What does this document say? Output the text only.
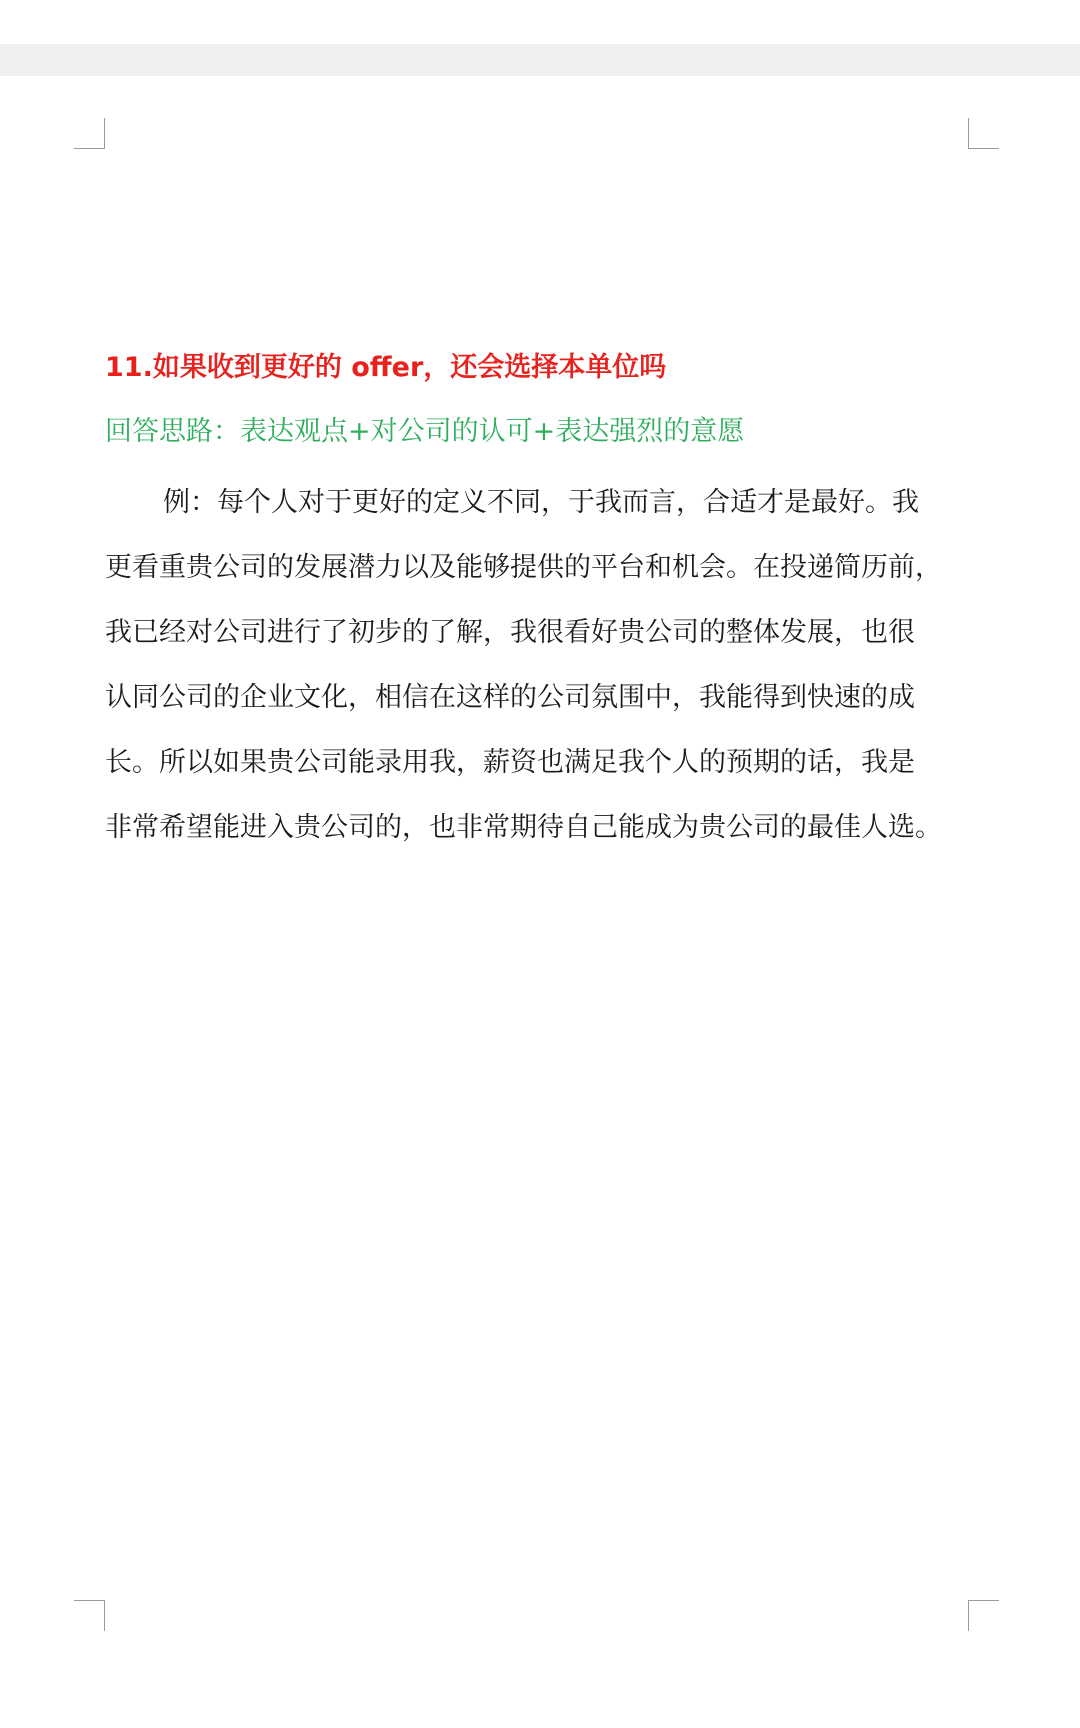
11.如果收到更好的 offer，还会选择本单位吗

回答思路：表达观点+对公司的认可+表达强烈的意愿

例：每个人对于更好的定义不同，于我而言，合适才是最好。我

更看重贵公司的发展潜力以及能够提供的平台和机会。在投递简历前，

我已经对公司进行了初步的了解，我很看好贵公司的整体发展，也很

认同公司的企业文化，相信在这样的公司氛围中，我能得到快速的成

长。所以如果贵公司能录用我，薪资也满足我个人的预期的话，我是

非常希望能进入贵公司的，也非常期待自己能成为贵公司的最佳人选。
